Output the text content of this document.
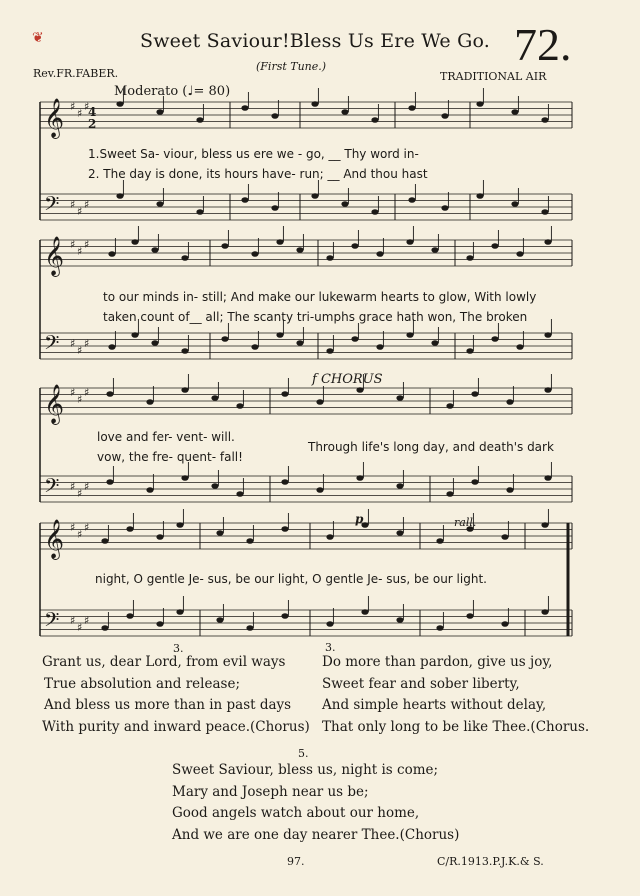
❦	Sweet Saviour!Bless Us Ere We Go. 72.
Rev.FR.FABER.
(First Tune.)
TRADITIONAL AIR
Moderato (♩= 80)
𝄞 ♯
♯
♯
𝄢 ♯
♯
♯
𝄞 ♯
♯
♯
𝄢 ♯
♯
♯
𝄞 ♯
♯
♯
𝄢 ♯
♯
♯
𝄞 ♯
♯
♯
𝄢 ♯
♯
♯
4
2
1.Sweet Sa- viour, bless us ere we - go, __ Thy word in-
2. The day is done, its hours have- run; __ And thou hast
to our minds in- still; And make our lukewarm hearts to glow, With lowly
taken count of__ all; The scanty tri-umphs grace hath won, The broken
f CHORUS
love and fer- vent- will.
vow, the fre- quent- fall!
Through life's long day, and death's dark
p	rall.
night, O gentle Je- sus, be our light, O gentle Je- sus, be our light.
Grant us, dear Lord, from evil ways
True absolution and release;
And bless us more than in past days
With purity and inward peace.(Chorus)
3.	3.
Do more than pardon, give us joy,
Sweet fear and sober liberty,
And simple hearts without delay,
That only long to be like Thee.(Chorus.
5.
Sweet Saviour, bless us, night is come;
Mary and Joseph near us be;
Good angels watch about our home,
And we are one day nearer Thee.(Chorus)
97.	C/R.1913.P.J.K.& S.
